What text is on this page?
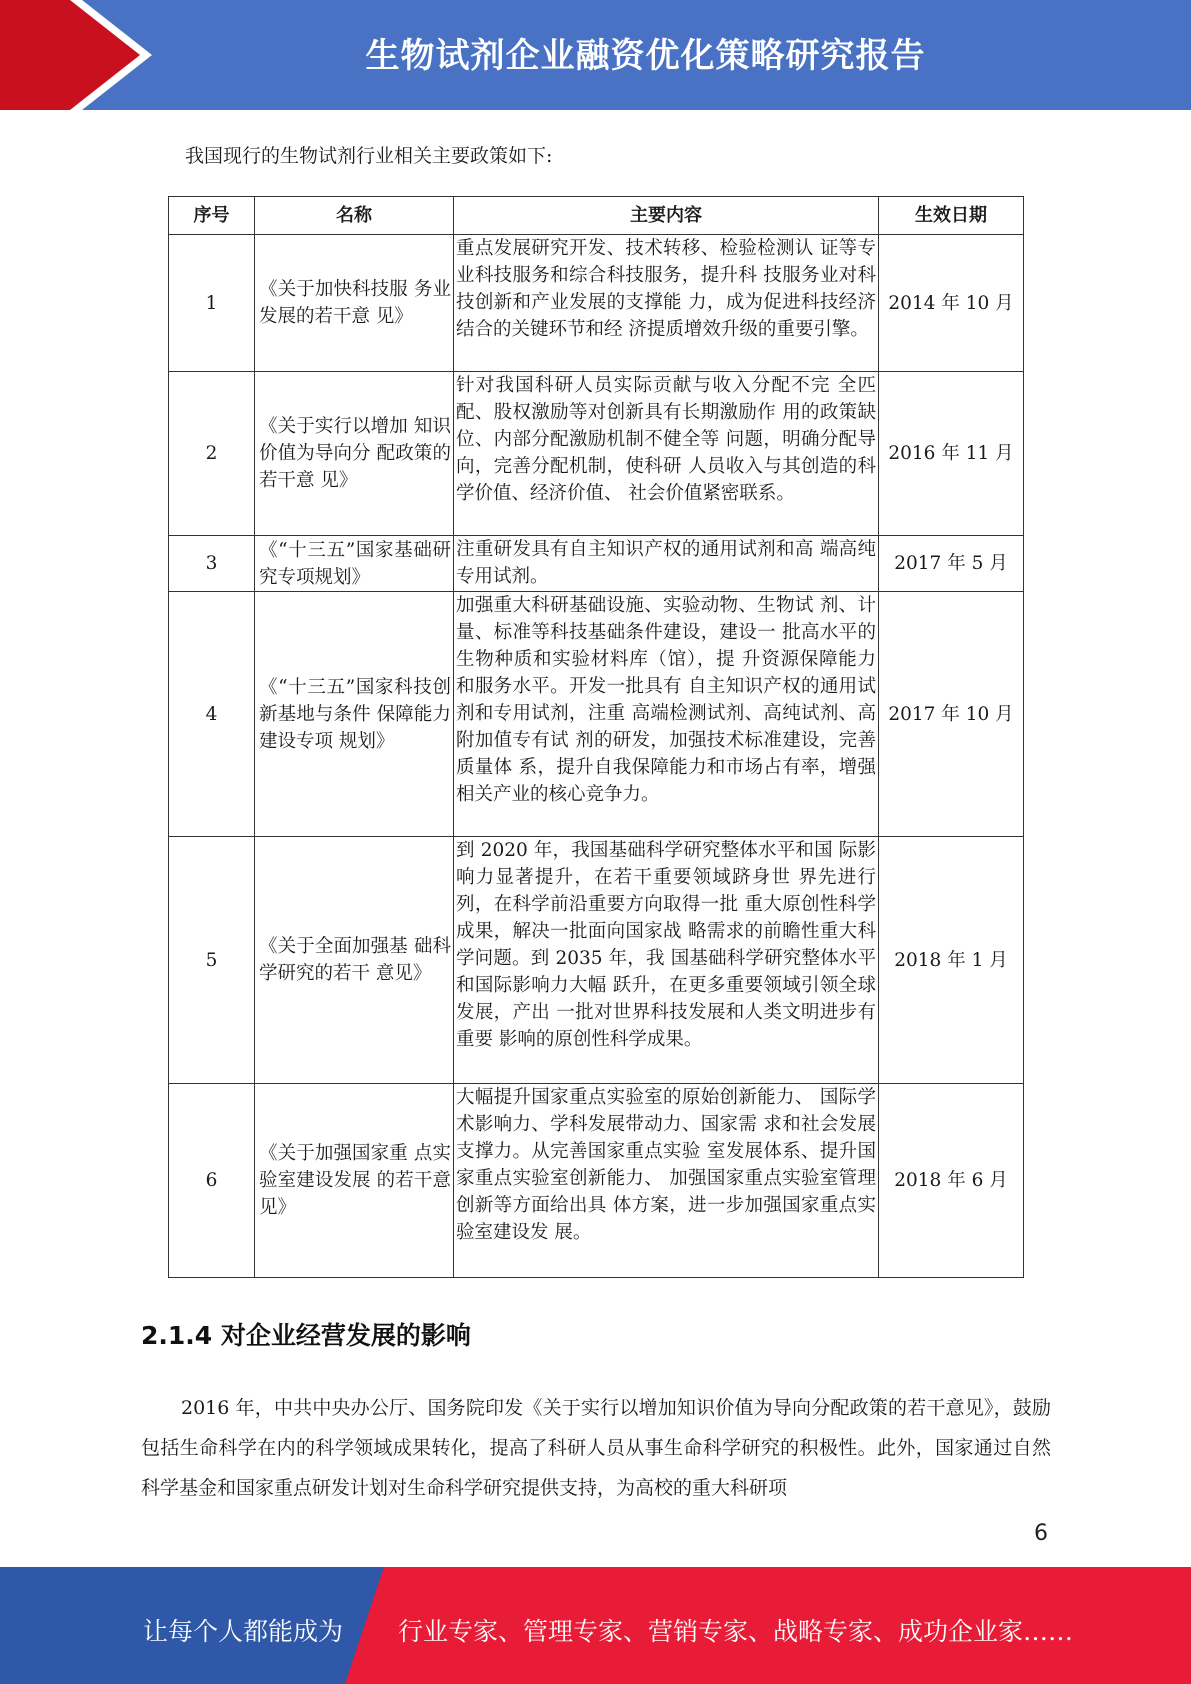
生物试剂企业融资优化策略研究报告

我国现行的生物试剂行业相关主要政策如下:

序号	名称	主要内容	生效日期
1	《关于加快科技服 务业发展的若干意 见》	重点发展研究开发、技术转移、检验检测认 证等专业科技服务和综合科技服务，提升科 技服务业对科技创新和产业发展的支撑能 力，成为促进科技经济结合的关键环节和经 济提质增效升级的重要引擎。	2014 年 10 月
2	《关于实行以增加 知识价值为导向分 配政策的若干意 见》	针对我国科研人员实际贡献与收入分配不完 全匹配、股权激励等对创新具有长期激励作 用的政策缺位、内部分配激励机制不健全等 问题，明确分配导向，完善分配机制，使科研 人员收入与其创造的科学价值、经济价值、 社会价值紧密联系。	2016 年 11 月
3	《“十三五”国家基础研究专项规划》	注重研发具有自主知识产权的通用试剂和高 端高纯专用试剂。	2017 年 5 月
4	《“十三五”国家科技创新基地与条件 保障能力建设专项 规划》	加强重大科研基础设施、实验动物、生物试 剂、计量、标准等科技基础条件建设，建设一 批高水平的生物种质和实验材料库（馆），提 升资源保障能力和服务水平。开发一批具有 自主知识产权的通用试剂和专用试剂，注重 高端检测试剂、高纯试剂、高附加值专有试 剂的研发，加强技术标准建设，完善质量体 系，提升自我保障能力和市场占有率，增强 相关产业的核心竞争力。	2017 年 10 月
5	《关于全面加强基 础科学研究的若干 意见》	到 2020 年，我国基础科学研究整体水平和国 际影响力显著提升，在若干重要领域跻身世 界先进行列，在科学前沿重要方向取得一批 重大原创性科学成果，解决一批面向国家战 略需求的前瞻性重大科学问题。到 2035 年，我 国基础科学研究整体水平和国际影响力大幅 跃升，在更多重要领域引领全球发展，产出 一批对世界科技发展和人类文明进步有重要 影响的原创性科学成果。	2018 年 1 月
6	《关于加强国家重 点实验室建设发展 的若干意见》	大幅提升国家重点实验室的原始创新能力、 国际学术影响力、学科发展带动力、国家需 求和社会发展支撑力。从完善国家重点实验 室发展体系、提升国家重点实验室创新能力、 加强国家重点实验室管理创新等方面给出具 体方案，进一步加强国家重点实验室建设发 展。	2018 年 6 月
2.1.4 对企业经营发展的影响

2016 年，中共中央办公厅、国务院印发《关于实行以增加知识价值为导向分配政策的若干意见》，鼓励包括生命科学在内的科学领域成果转化，提高了科研人员从事生命科学研究的积极性。此外，国家通过自然科学基金和国家重点研发计划对生命科学研究提供支持，为高校的重大科研项

6
让每个人都能成为 行业专家、管理专家、营销专家、战略专家、成功企业家……
